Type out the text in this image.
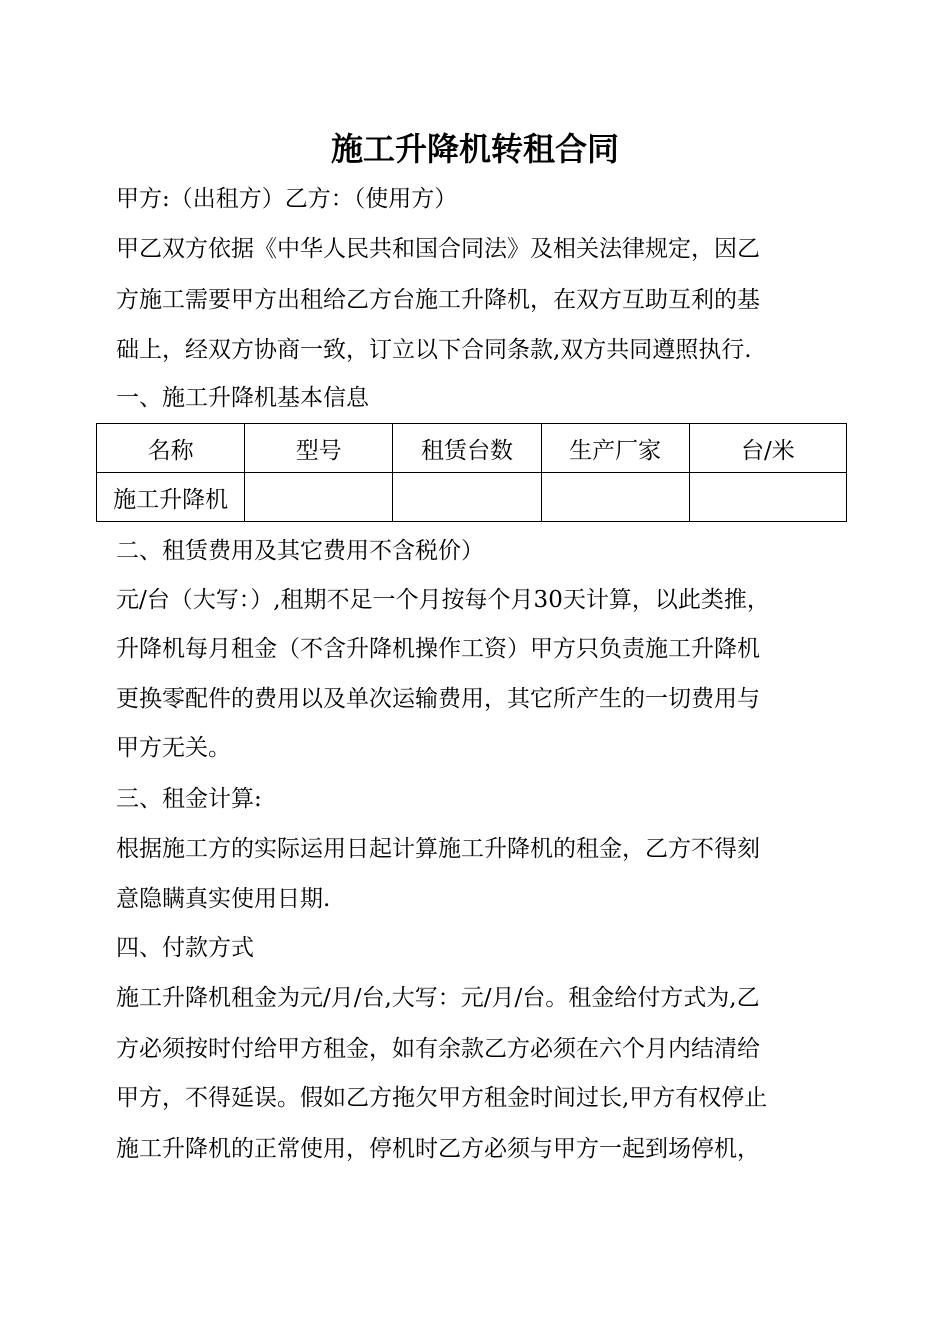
施工升降机转租合同
甲方:（出租方）乙方：（使用方）
甲乙双方依据《中华人民共和国合同法》及相关法律规定，因乙
方施工需要甲方出租给乙方台施工升降机，在双方互助互利的基
础上，经双方协商一致，订立以下合同条款,双方共同遵照执行.
一、施工升降机基本信息
名称	型号	租赁台数	生产厂家	台/米
施工升降机				
二、租赁费用及其它费用不含税价）
元/台（大写：）,租期不足一个月按每个月30天计算，以此类推，
升降机每月租金（不含升降机操作工资）甲方只负责施工升降机
更换零配件的费用以及单次运输费用，其它所产生的一切费用与
甲方无关。
三、租金计算:
根据施工方的实际运用日起计算施工升降机的租金，乙方不得刻
意隐瞒真实使用日期.
四、付款方式
施工升降机租金为元/月/台,大写：元/月/台。租金给付方式为,乙
方必须按时付给甲方租金，如有余款乙方必须在六个月内结清给
甲方，不得延误。假如乙方拖欠甲方租金时间过长,甲方有权停止
施工升降机的正常使用，停机时乙方必须与甲方一起到场停机，
